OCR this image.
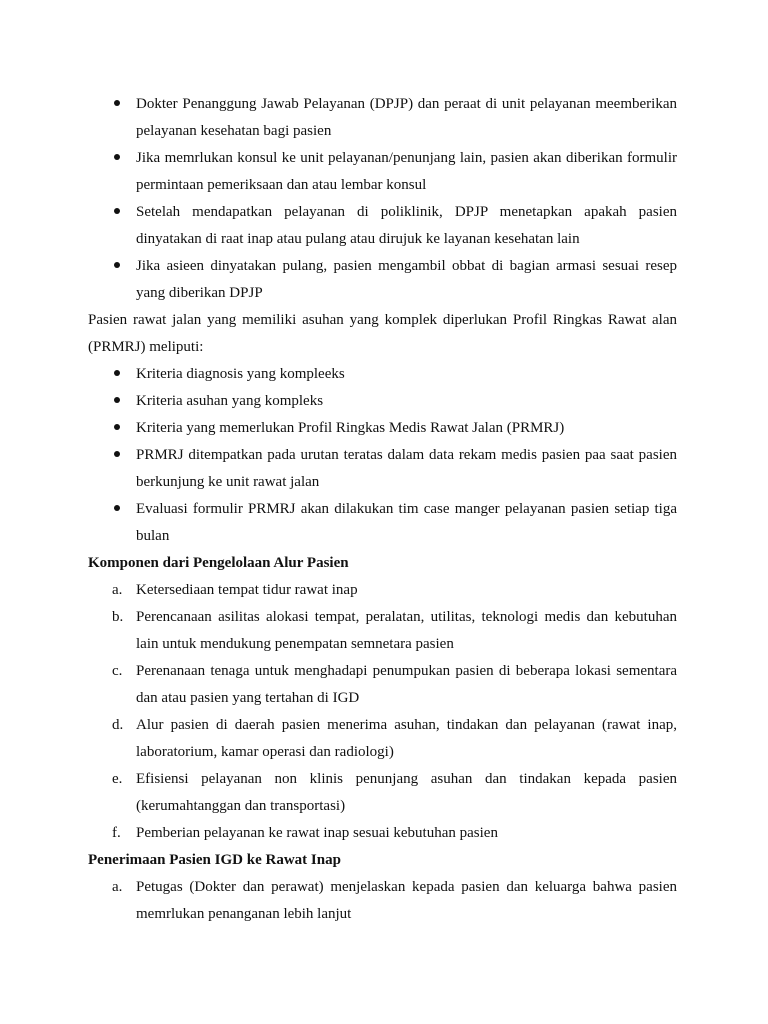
Dokter Penanggung Jawab Pelayanan (DPJP) dan peraat di unit pelayanan meemberikan pelayanan kesehatan bagi pasien
Jika memrlukan konsul ke unit pelayanan/penunjang lain, pasien akan diberikan formulir permintaan pemeriksaan dan atau lembar konsul
Setelah mendapatkan pelayanan di poliklinik, DPJP menetapkan apakah pasien dinyatakan di raat inap atau pulang atau dirujuk ke layanan kesehatan lain
Jika asieen dinyatakan pulang, pasien mengambil obbat di bagian armasi sesuai resep yang diberikan DPJP

Pasien rawat jalan yang memiliki asuhan yang komplek diperlukan Profil Ringkas Rawat alan (PRMRJ) meliputi:

Kriteria diagnosis yang kompleeks
Kriteria asuhan yang kompleks
Kriteria yang memerlukan Profil Ringkas Medis Rawat Jalan (PRMRJ)
PRMRJ ditempatkan pada urutan teratas dalam data rekam medis pasien paa saat pasien berkunjung ke unit rawat jalan
Evaluasi formulir PRMRJ akan dilakukan tim case manger pelayanan pasien setiap tiga bulan

Komponen dari Pengelolaan Alur Pasien

a. Ketersediaan tempat tidur rawat inap
b. Perencanaan asilitas alokasi tempat, peralatan, utilitas, teknologi medis dan kebutuhan lain untuk mendukung penempatan semnetara pasien
c. Perenanaan tenaga untuk menghadapi penumpukan pasien di beberapa lokasi sementara dan atau pasien yang tertahan di IGD
d. Alur pasien di daerah pasien menerima asuhan, tindakan dan pelayanan (rawat inap, laboratorium, kamar operasi dan radiologi)
e. Efisiensi pelayanan non klinis penunjang asuhan dan tindakan kepada pasien (kerumahtanggan dan transportasi)
f.	Pemberian pelayanan ke rawat inap sesuai kebutuhan pasien

Penerimaan Pasien IGD ke Rawat Inap

a. Petugas (Dokter dan perawat) menjelaskan kepada pasien dan keluarga bahwa pasien memrlukan penanganan lebih lanjut
